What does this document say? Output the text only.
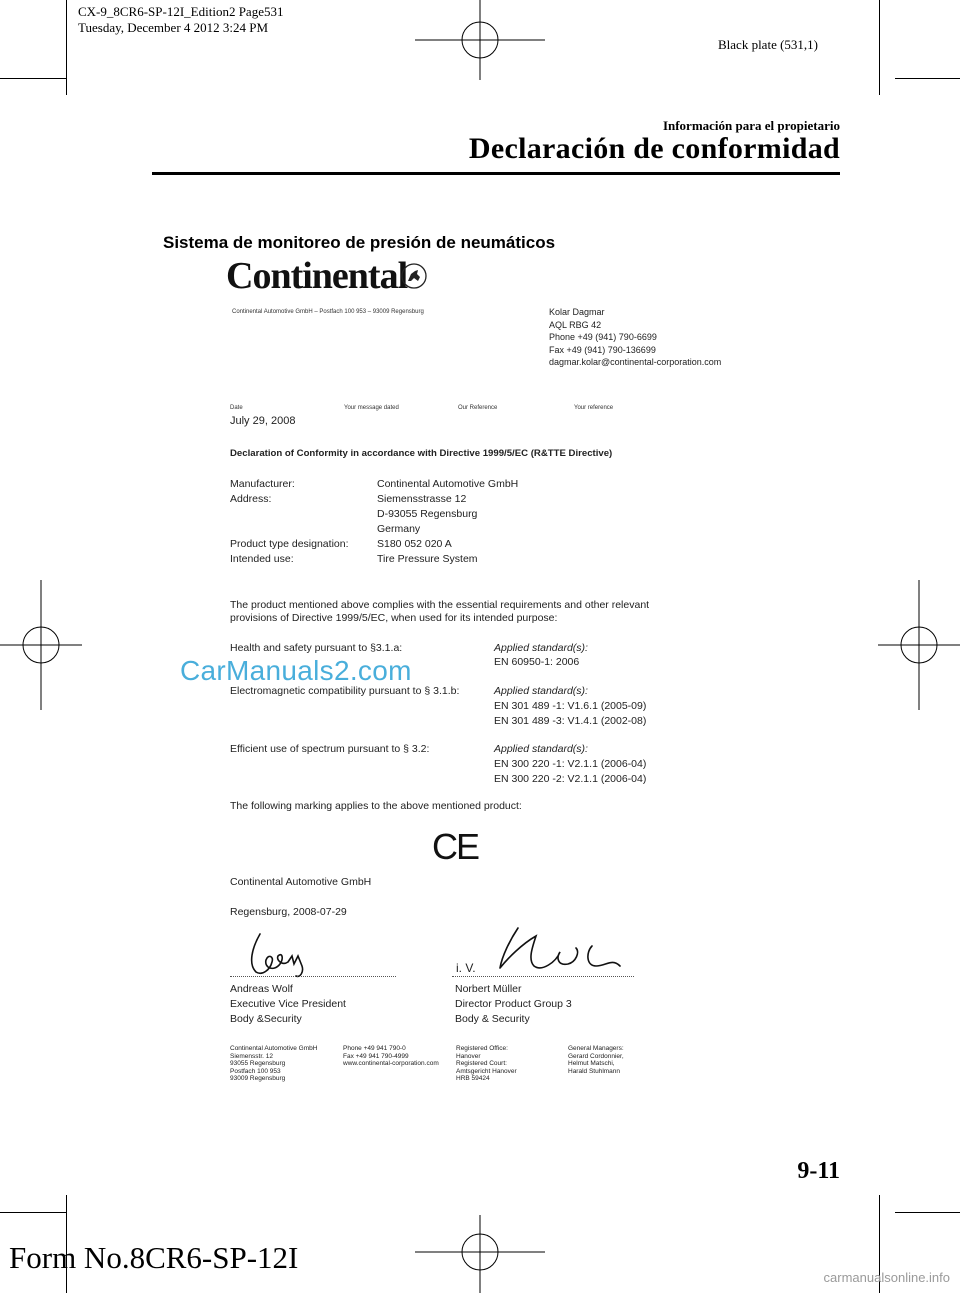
CX-9_8CR6-SP-12I_Edition2 Page531
Tuesday, December 4 2012 3:24 PM
Black plate (531,1)
Información para el propietario
Declaración de conformidad
Sistema de monitoreo de presión de neumáticos
Continental
Continental Automotive GmbH – Postfach 100 953 – 93009 Regensburg	Kolar Dagmar
AQL RBG 42
Phone +49 (941) 790-6699
Fax +49 (941) 790-136699
dagmar.kolar@continental-corporation.com
Date	Your message dated	Our Reference	Your reference
July 29, 2008
Declaration of Conformity in accordance with Directive 1999/5/EC (R&TTE Directive)
Manufacturer:	Continental Automotive GmbH
Address:	Siemensstrasse 12
D-93055 Regensburg
Germany
Product type designation:	S180 052 020 A
Intended use:	Tire Pressure System
The product mentioned above complies with the essential requirements and other relevant
provisions of Directive 1999/5/EC, when used for its intended purpose:
Health and safety pursuant to §3.1.a:	Applied standard(s):
EN 60950-1: 2006
Electromagnetic compatibility pursuant to § 3.1.b:	Applied standard(s):
EN 301 489 -1: V1.6.1 (2005-09)
EN 301 489 -3: V1.4.1 (2002-08)
Efficient use of spectrum pursuant to § 3.2:	Applied standard(s):
EN 300 220 -1: V2.1.1 (2006-04)
EN 300 220 -2: V2.1.1 (2006-04)
The following marking applies to the above mentioned product:
CE
Continental Automotive GmbH
Regensburg, 2008-07-29
i. V.
Andreas Wolf
Executive Vice President
Body &Security
Norbert Müller
Director Product Group 3
Body & Security
Continental Automotive GmbH
Siemensstr. 12
93055 Regensburg
Postfach 100 953
93009 Regensburg
Phone +49 941 790-0
Fax +49 941 790-4999
www.continental-corporation.com
Registered Office:
Hanover
Registered Court:
Amtsgericht Hanover
HRB 59424
General Managers:
Gerard Cordonnier,
Helmut Matschi,
Harald Stuhlmann
CarManuals2.com
carmanualsonline.info
9-11
Form No.8CR6-SP-12I
